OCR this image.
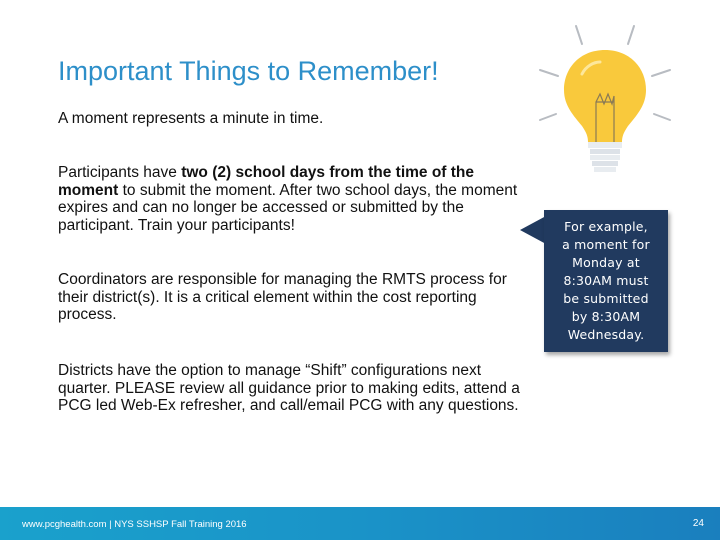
Important Things to Remember!
A moment represents a minute in time.
Participants have two (2) school days from the time of the moment to submit the moment. After two school days, the moment expires and can no longer be accessed or submitted by the participant. Train your participants!
Coordinators are responsible for managing the RMTS process for their district(s). It is a critical element within the cost reporting process.
Districts have the option to manage “Shift” configurations next quarter. PLEASE review all guidance prior to making edits, attend a PCG led Web-Ex refresher, and call/email PCG with any questions.
For example,
a moment for
Monday at
8:30AM must
be submitted
by 8:30AM
Wednesday.
www.pcghealth.com | NYS SSHSP Fall Training 2016	24
